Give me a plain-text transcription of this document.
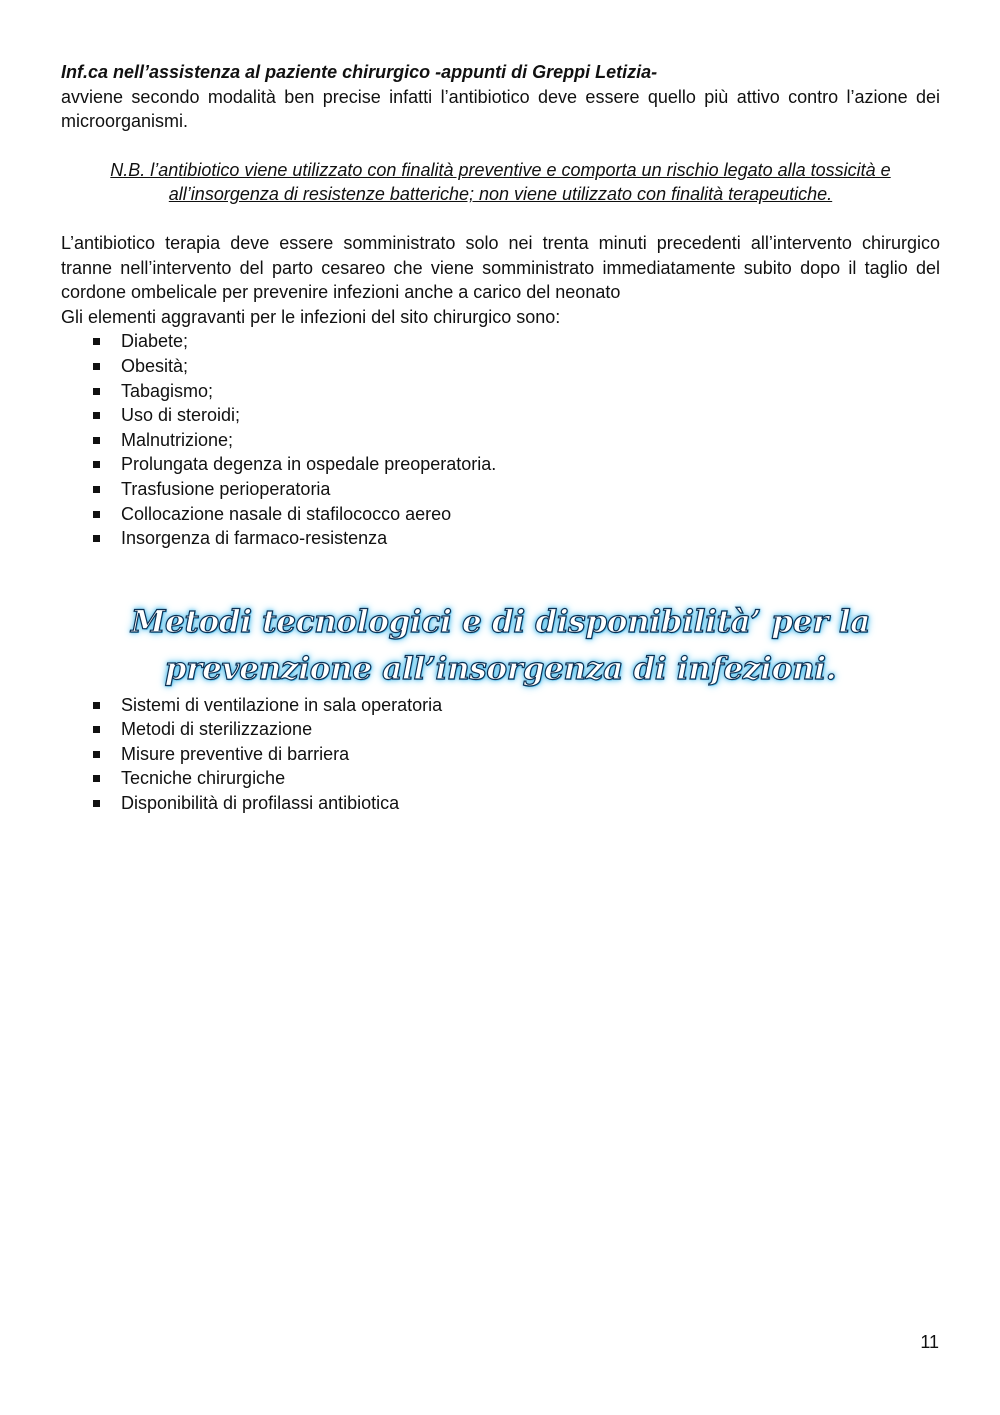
Inf.ca nell’assistenza al paziente chirurgico -appunti di Greppi Letizia-

avviene secondo modalità ben precise infatti l’antibiotico deve essere quello più attivo contro l’azione dei microorganismi.

N.B. l’antibiotico viene utilizzato con finalità preventive e comporta un rischio legato alla tossicità e all’insorgenza di resistenze batteriche; non viene utilizzato con finalità terapeutiche.

L’antibiotico terapia deve essere somministrato solo nei trenta minuti precedenti all’intervento chirurgico tranne nell’intervento del parto cesareo che viene somministrato immediatamente subito dopo il taglio del cordone ombelicale per prevenire infezioni anche a carico del neonato

Gli elementi aggravanti per le infezioni del sito chirurgico sono:

Diabete;
Obesità;
Tabagismo;
Uso di steroidi;
Malnutrizione;
Prolungata degenza in ospedale preoperatoria.
Trasfusione perioperatoria
Collocazione nasale di stafilococco aereo
Insorgenza di farmaco-resistenza
Metodi tecnologici e di disponibilità’ per la prevenzione all’insorgenza di infezioni.
Sistemi di ventilazione in sala operatoria
Metodi di sterilizzazione
Misure preventive di barriera
Tecniche chirurgiche
Disponibilità di profilassi antibiotica
11
